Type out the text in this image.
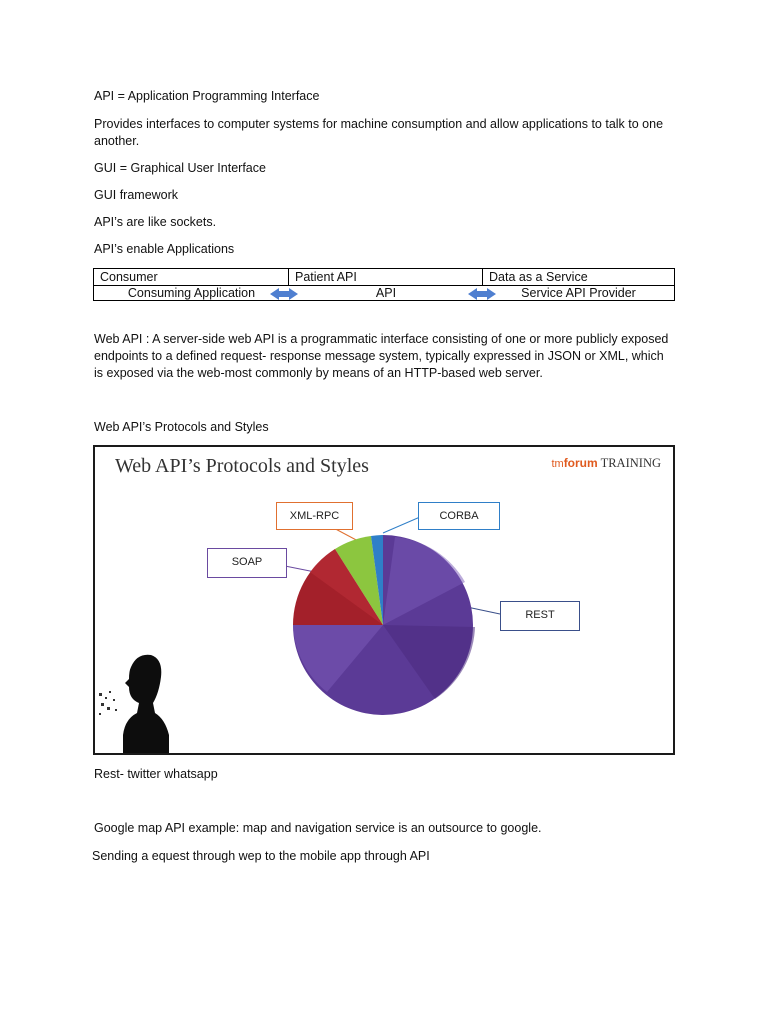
API = Application Programming Interface
Provides interfaces to computer systems for machine consumption and allow applications to talk to one another.
GUI = Graphical User Interface
GUI framework
API’s are like sockets.
API’s enable Applications
Consumer	Patient API	Data as a Service
Consuming Application	API	Service API Provider
Web API : A server-side web API is a programmatic interface consisting of one or more publicly exposed endpoints to a defined request- response message system, typically expressed in JSON or XML, which is exposed via the web-most commonly by means of an HTTP-based web server.
Web API’s Protocols and Styles
Web API’s Protocols and Styles	tmforum TRAINING
XML-RPC	CORBA
SOAP
REST
Rest- twitter whatsapp
Google map API example: map and navigation service is an outsource to google.
Sending a equest through wep to the mobile app through API
